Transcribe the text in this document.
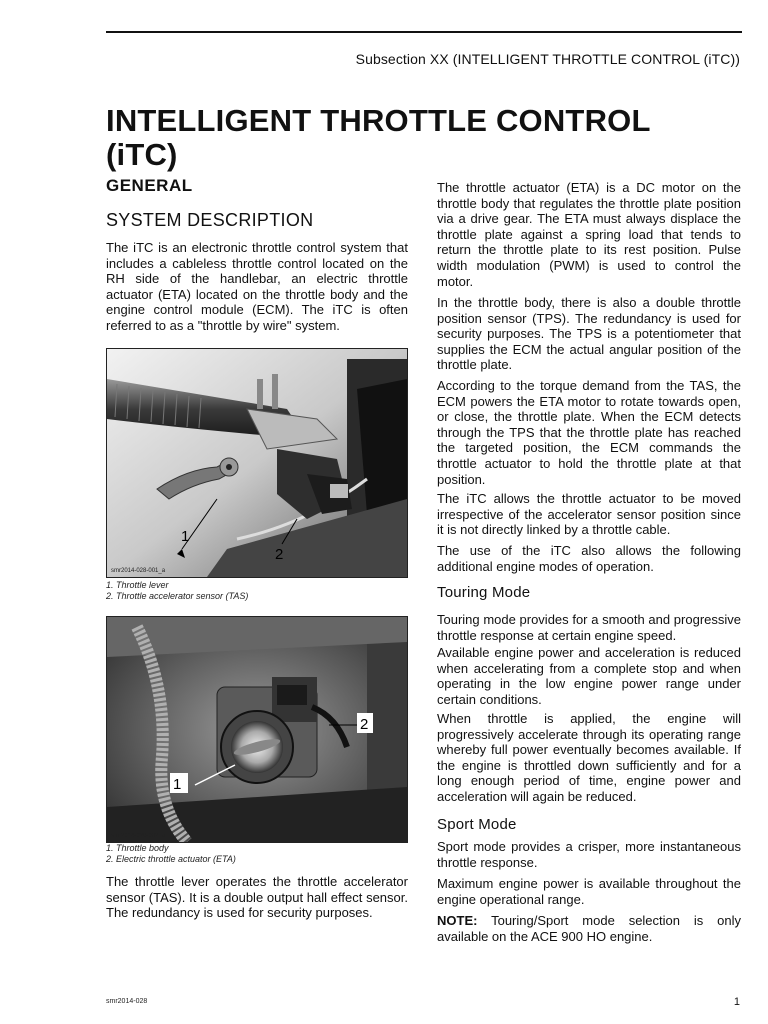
Subsection XX (INTELLIGENT THROTTLE CONTROL (iTC))
INTELLIGENT THROTTLE CONTROL
(iTC)
GENERAL
SYSTEM DESCRIPTION

The iTC is an electronic throttle control system that includes a cableless throttle control located on the RH side of the handlebar, an electric throttle actuator (ETA) located on the throttle body and the engine control module (ECM). The iTC is often referred to as a "throttle by wire" system.

1
2
smr2014-028-001_a
1. Throttle lever
2. Throttle accelerator sensor (TAS)
1
2
smr2014-028-002_a
1. Throttle body
2. Electric throttle actuator (ETA)

The throttle lever operates the throttle accelerator sensor (TAS). It is a double output hall effect sensor. The redundancy is used for security purposes.

The throttle actuator (ETA) is a DC motor on the throttle body that regulates the throttle plate position via a drive gear. The ETA must always displace the throttle plate against a spring load that tends to return the throttle plate to its rest position. Pulse width modulation (PWM) is used to control the motor.

In the throttle body, there is also a double throttle position sensor (TPS). The redundancy is used for security purposes. The TPS is a potentiometer that supplies the ECM the actual angular position of the throttle plate.

According to the torque demand from the TAS, the ECM powers the ETA motor to rotate towards open, or close, the throttle plate. When the ECM detects through the TPS that the throttle plate has reached the targeted position, the ECM commands the throttle actuator to hold the throttle plate at that position.

The iTC allows the throttle actuator to be moved irrespective of the accelerator sensor position since it is not directly linked by a throttle cable.

The use of the iTC also allows the following additional engine modes of operation.

Touring Mode

Touring mode provides for a smooth and progressive throttle response at certain engine speed.

Available engine power and acceleration is reduced when accelerating from a complete stop and when operating in the low engine power range under certain conditions.

When throttle is applied, the engine will progressively accelerate through its operating range whereby full power eventually becomes available. If the engine is throttled down sufficiently and for a long enough period of time, engine power and acceleration will again be reduced.

Sport Mode

Sport mode provides a crisper, more instantaneous throttle response.

Maximum engine power is available throughout the engine operational range.

NOTE: Touring/Sport mode selection is only available on the ACE 900 HO engine.

smr2014-028	1
